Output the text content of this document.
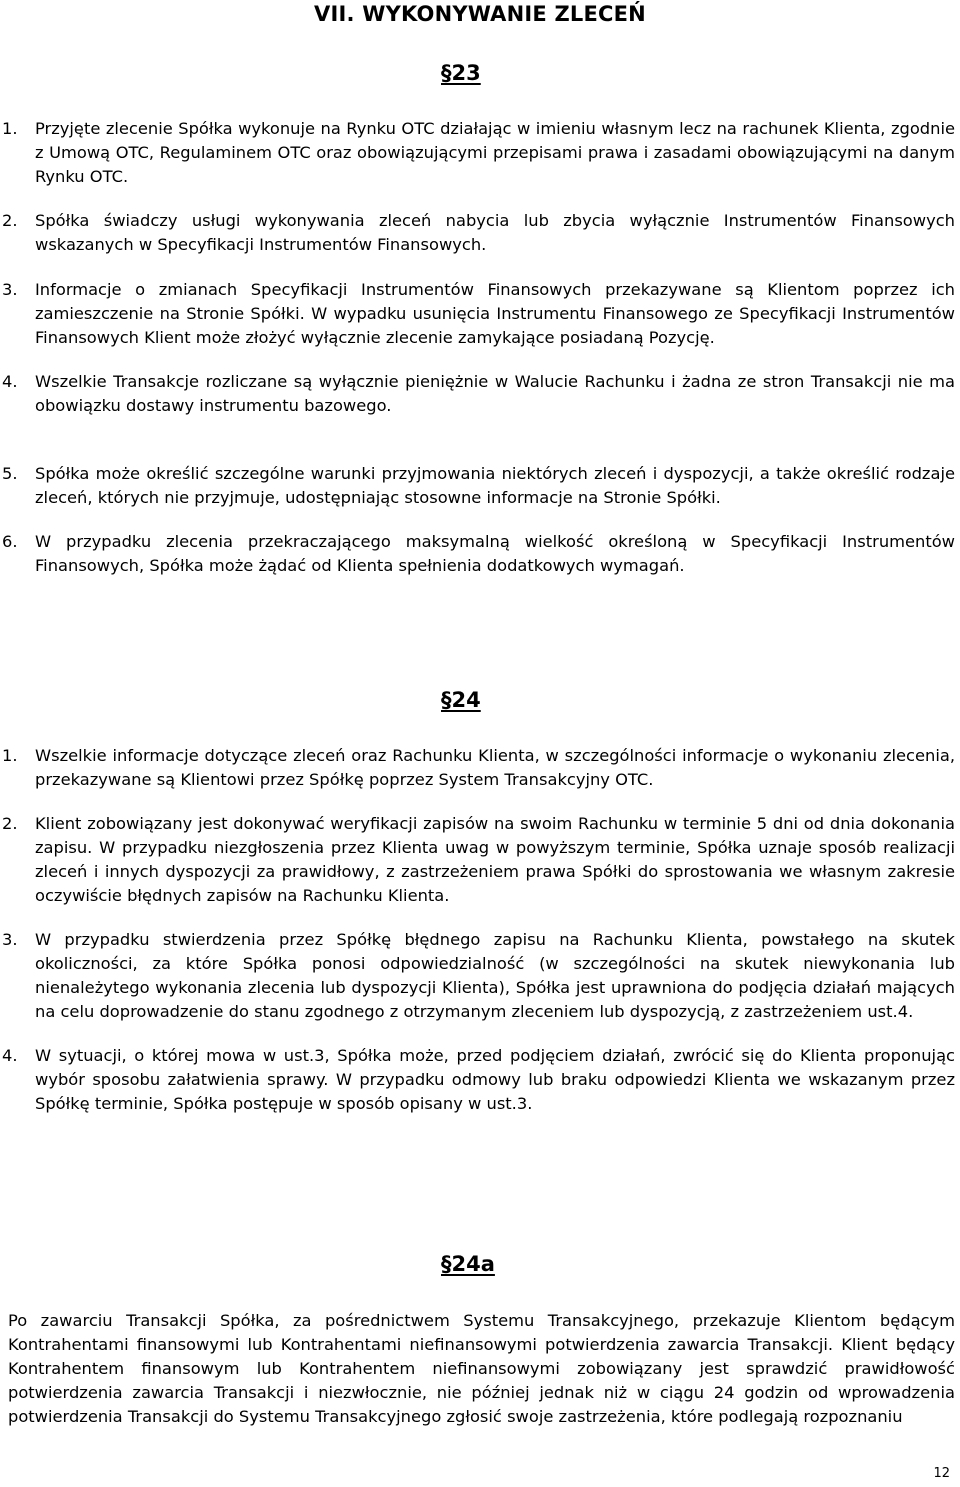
VII. WYKONYWANIE ZLECEŃ
§23
1. Przyjęte zlecenie Spółka wykonuje na Rynku OTC działając w imieniu własnym lecz na rachunek Klienta, zgodnie z Umową OTC, Regulaminem OTC oraz obowiązującymi przepisami prawa i zasadami obowiązującymi na danym Rynku OTC.
2. Spółka świadczy usługi wykonywania zleceń nabycia lub zbycia wyłącznie Instrumentów Finansowych wskazanych w Specyfikacji Instrumentów Finansowych.
3. Informacje o zmianach Specyfikacji Instrumentów Finansowych przekazywane są Klientom poprzez ich zamieszczenie na Stronie Spółki. W wypadku usunięcia Instrumentu Finansowego ze Specyfikacji Instrumentów Finansowych Klient może złożyć wyłącznie zlecenie zamykające posiadaną Pozycję.
4. Wszelkie Transakcje rozliczane są wyłącznie pieniężnie w Walucie Rachunku i żadna ze stron Transakcji nie ma obowiązku dostawy instrumentu bazowego.
5. Spółka może określić szczególne warunki przyjmowania niektórych zleceń i dyspozycji, a także określić rodzaje zleceń, których nie przyjmuje, udostępniając stosowne informacje na Stronie Spółki.
6. W przypadku zlecenia przekraczającego maksymalną wielkość określoną w Specyfikacji Instrumentów Finansowych, Spółka może żądać od Klienta spełnienia dodatkowych wymagań.
§24
1. Wszelkie informacje dotyczące zleceń oraz Rachunku Klienta, w szczególności informacje o wykonaniu zlecenia, przekazywane są Klientowi przez Spółkę poprzez System Transakcyjny OTC.
2. Klient zobowiązany jest dokonywać weryfikacji zapisów na swoim Rachunku w terminie 5 dni od dnia dokonania zapisu. W przypadku niezgłoszenia przez Klienta uwag w powyższym terminie, Spółka uznaje sposób realizacji zleceń i innych dyspozycji za prawidłowy, z zastrzeżeniem prawa Spółki do sprostowania we własnym zakresie oczywiście błędnych zapisów na Rachunku Klienta.
3. W przypadku stwierdzenia przez Spółkę błędnego zapisu na Rachunku Klienta, powstałego na skutek okoliczności, za które Spółka ponosi odpowiedzialność (w szczególności na skutek niewykonania lub nienależytego wykonania zlecenia lub dyspozycji Klienta), Spółka jest uprawniona do podjęcia działań mających na celu doprowadzenie do stanu zgodnego z otrzymanym zleceniem lub dyspozycją, z zastrzeżeniem ust.4.
4. W sytuacji, o której mowa w ust.3, Spółka może, przed podjęciem działań, zwrócić się do Klienta proponując wybór sposobu załatwienia sprawy. W przypadku odmowy lub braku odpowiedzi Klienta we wskazanym przez Spółkę terminie, Spółka postępuje w sposób opisany w ust.3.
§24a
Po zawarciu Transakcji Spółka, za pośrednictwem Systemu Transakcyjnego, przekazuje Klientom będącym Kontrahentami finansowymi lub Kontrahentami niefinansowymi potwierdzenia zawarcia Transakcji. Klient będący Kontrahentem finansowym lub Kontrahentem niefinansowymi zobowiązany jest sprawdzić prawidłowość potwierdzenia zawarcia Transakcji i niezwłocznie, nie później jednak niż w ciągu 24 godzin od wprowadzenia potwierdzenia Transakcji do Systemu Transakcyjnego zgłosić swoje zastrzeżenia, które podlegają rozpoznaniu
12
